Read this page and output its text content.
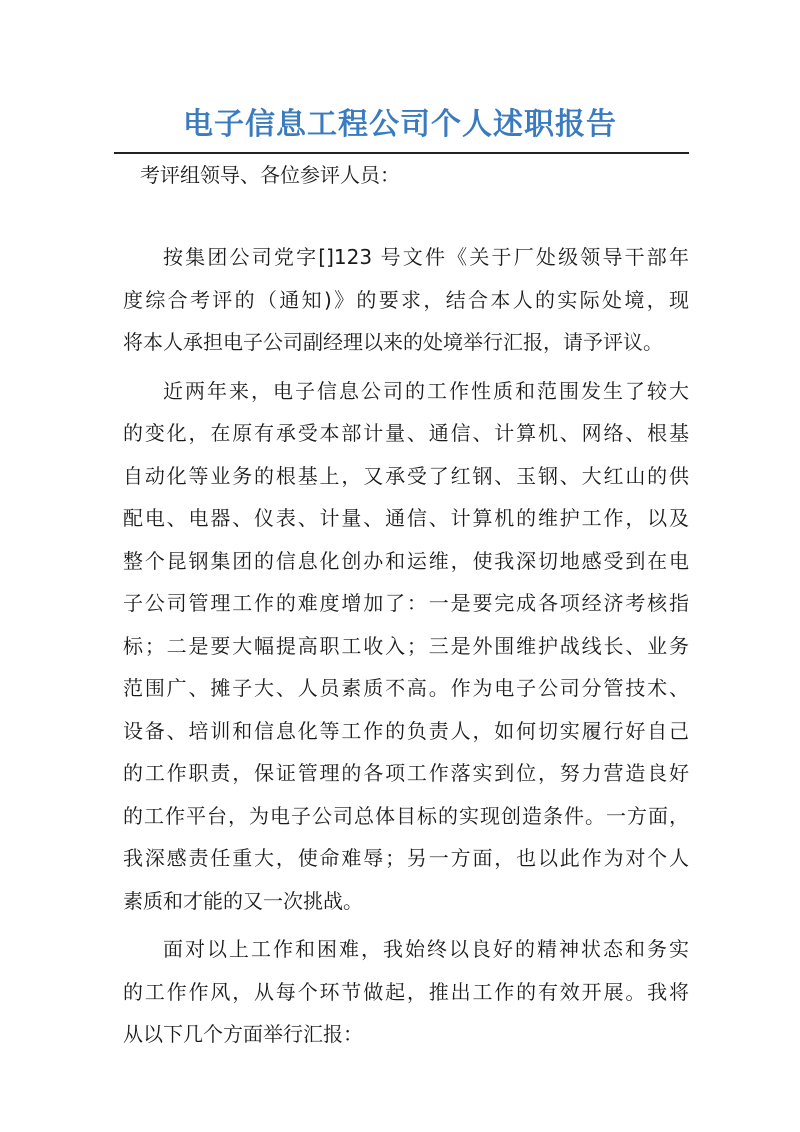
电子信息工程公司个人述职报告

考评组领导、各位参评人员：

按集团公司党字[]123 号文件《关于厂处级领导干部年
度综合考评的（通知)》的要求，结合本人的实际处境，现
将本人承担电子公司副经理以来的处境举行汇报，请予评议。

近两年来，电子信息公司的工作性质和范围发生了较大
的变化，在原有承受本部计量、通信、计算机、网络、根基
自动化等业务的根基上，又承受了红钢、玉钢、大红山的供
配电、电器、仪表、计量、通信、计算机的维护工作，以及
整个昆钢集团的信息化创办和运维，使我深切地感受到在电
子公司管理工作的难度增加了：一是要完成各项经济考核指
标；二是要大幅提高职工收入；三是外围维护战线长、业务
范围广、摊子大、人员素质不高。作为电子公司分管技术、
设备、培训和信息化等工作的负责人，如何切实履行好自己
的工作职责，保证管理的各项工作落实到位，努力营造良好
的工作平台，为电子公司总体目标的实现创造条件。一方面，
我深感责任重大，使命难辱；另一方面，也以此作为对个人
素质和才能的又一次挑战。

面对以上工作和困难，我始终以良好的精神状态和务实
的工作作风，从每个环节做起，推出工作的有效开展。我将
从以下几个方面举行汇报：
